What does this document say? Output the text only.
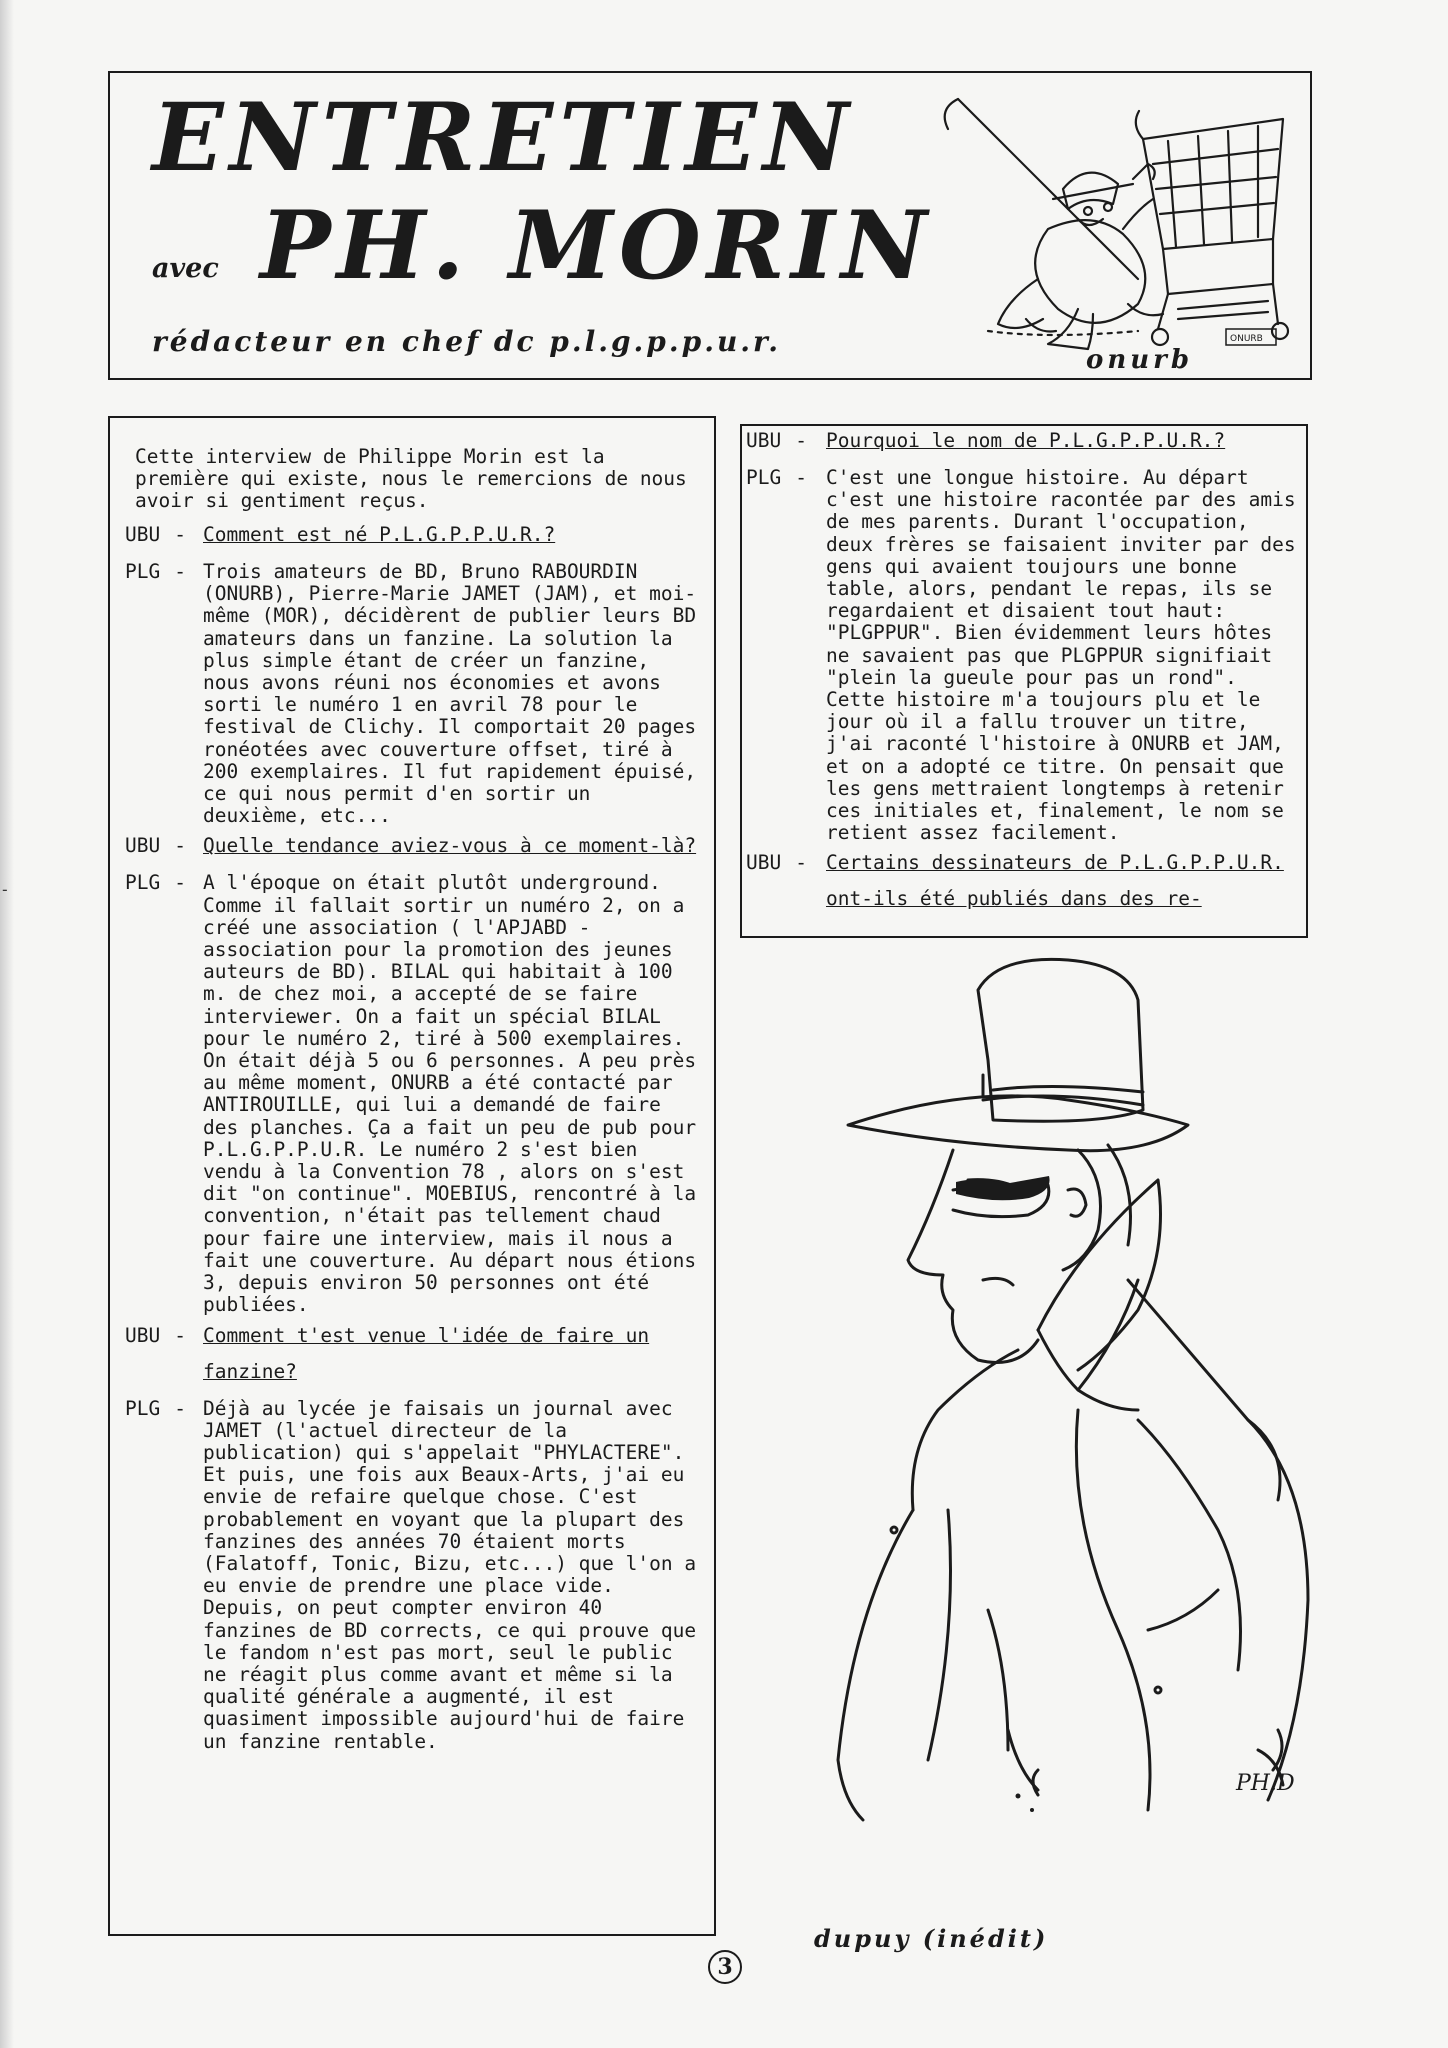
-
ENTRETIEN
avec PH. MORIN
rédacteur en chef dc p.l.g.p.p.u.r.	ONURB
onurb

Cette interview de Philippe Morin est la première qui existe, nous le remercions de nous avoir si gentiment reçus.

UBU - Comment est né P.L.G.P.P.U.R.?
PLG - Trois amateurs de BD, Bruno RABOURDIN (ONURB), Pierre-Marie JAMET (JAM), et moi-même (MOR), décidèrent de publier leurs BD amateurs dans un fanzine. La solution la plus simple étant de créer un fanzine, nous avons réuni nos économies et avons sorti le numéro 1 en avril 78 pour le festival de Clichy. Il comportait 20 pages ronéotées avec couverture offset, tiré à 200 exemplaires. Il fut rapidement épuisé, ce qui nous permit d'en sortir un deuxième, etc...
UBU - Quelle tendance aviez-vous à ce moment-là?
PLG - A l'époque on était plutôt underground. Comme il fallait sortir un numéro 2, on a créé une association ( l'APJABD - association pour la promotion des jeunes auteurs de BD). BILAL qui habitait à 100 m. de chez moi, a accepté de se faire interviewer. On a fait un spécial BILAL pour le numéro 2, tiré à 500 exemplaires. On était déjà 5 ou 6 personnes. A peu près au même moment, ONURB a été contacté par ANTIROUILLE, qui lui a demandé de faire des planches. Ça a fait un peu de pub pour P.L.G.P.P.U.R. Le numéro 2 s'est bien vendu à la Convention 78 , alors on s'est dit "on continue". MOEBIUS, rencontré à la convention, n'était pas tellement chaud pour faire une interview, mais il nous a fait une couverture. Au départ nous étions 3, depuis environ 50 personnes ont été publiées.
UBU - Comment t'est venue l'idée de faire un fanzine?
PLG - Déjà au lycée je faisais un journal avec JAMET (l'actuel directeur de la publication) qui s'appelait "PHYLACTERE". Et puis, une fois aux Beaux-Arts, j'ai eu envie de refaire quelque chose. C'est probablement en voyant que la plupart des fanzines des années 70 étaient morts (Falatoff, Tonic, Bizu, etc...) que l'on a eu envie de prendre une place vide. Depuis, on peut compter environ 40 fanzines de BD corrects, ce qui prouve que le fandom n'est pas mort, seul le public ne réagit plus comme avant et même si la qualité générale a augmenté, il est quasiment impossible aujourd'hui de faire un fanzine rentable.
UBU - Pourquoi le nom de P.L.G.P.P.U.R.?
PLG - C'est une longue histoire. Au départ c'est une histoire racontée par des amis de mes parents. Durant l'occupation, deux frères se faisaient inviter par des gens qui avaient toujours une bonne table, alors, pendant le repas, ils se regardaient et disaient tout haut: "PLGPPUR". Bien évidemment leurs hôtes ne savaient pas que PLGPPUR signifiait "plein la gueule pour pas un rond". Cette histoire m'a toujours plu et le jour où il a fallu trouver un titre, j'ai raconté l'histoire à ONURB et JAM, et on a adopté ce titre. On pensait que les gens mettraient longtemps à retenir ces initiales et, finalement, le nom se retient assez facilement.
UBU - Certains dessinateurs de P.L.G.P.P.U.R. ont-ils été publiés dans des re-
PH.D
dupuy (inédit)
3
